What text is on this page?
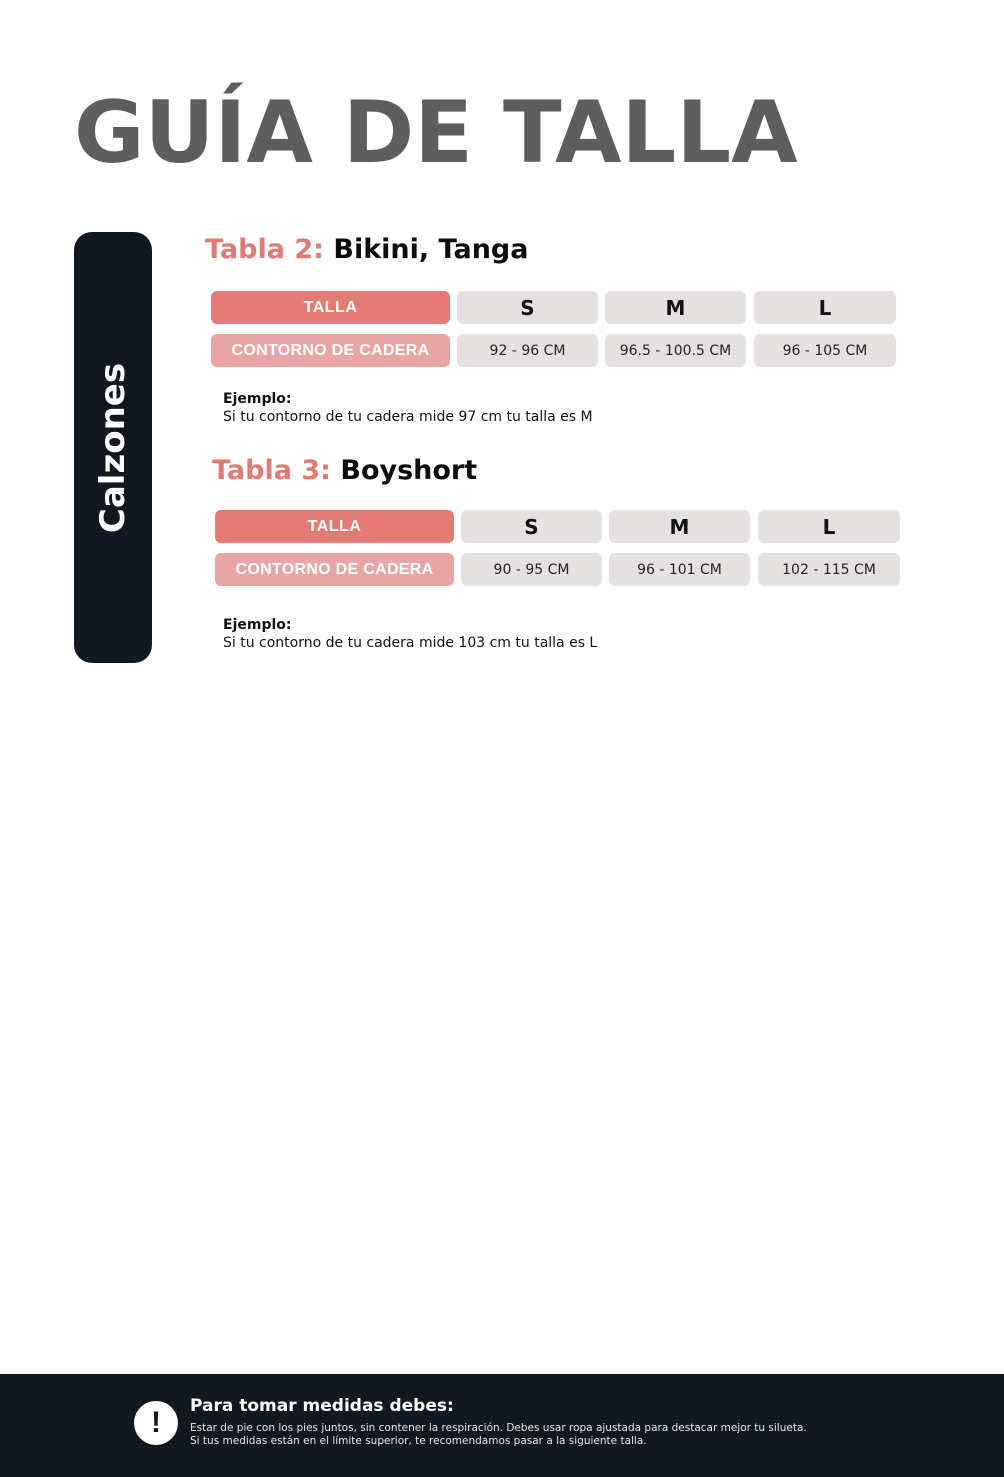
GUÍA DE TALLA
Calzones
Tabla 2: Bikini, Tanga
TALLA	S	M	L
CONTORNO DE CADERA	92 - 96 CM	96.5 - 100.5 CM	96 - 105 CM
Ejemplo:
Si tu contorno de tu cadera mide 97 cm tu talla es M
Tabla 3: Boyshort
TALLA	S	M	L
CONTORNO DE CADERA	90 - 95 CM	96 - 101 CM	102 - 115 CM
Ejemplo:
Si tu contorno de tu cadera mide 103 cm tu talla es L
!	Para tomar medidas debes:
Estar de pie con los pies juntos, sin contener la respiración. Debes usar ropa ajustada para destacar mejor tu silueta.
Si tus medidas están en el límite superior, te recomendamos pasar a la siguiente talla.
